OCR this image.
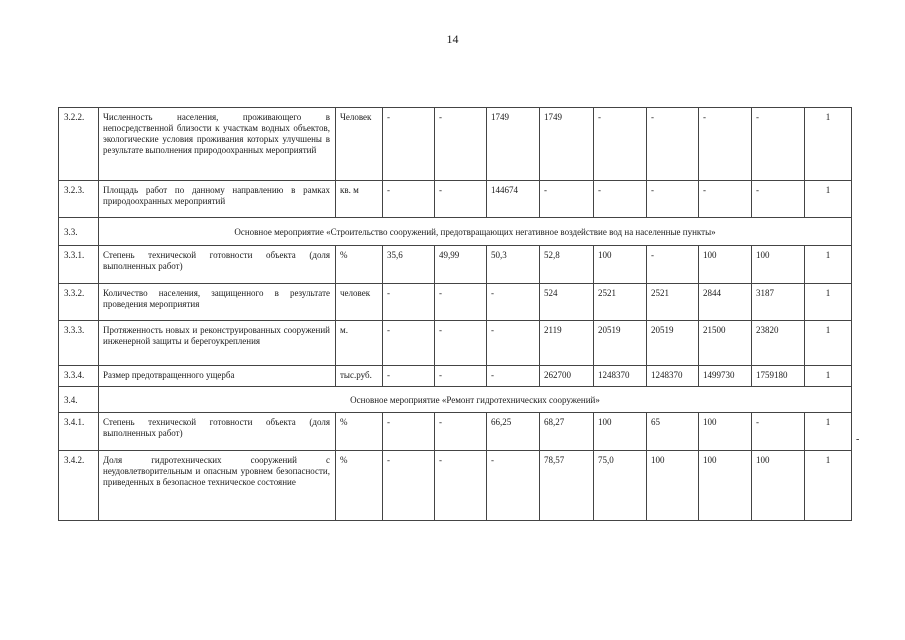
14
3.2.2.	Численность населения, проживающего в непосредственной близости к участкам водных объектов, экологические условия проживания которых улучшены в результате выполнения природоохранных мероприятий	Человек	-	-	1749	1749	-	-	-	-	1
3.2.3.	Площадь работ по данному направлению в рамках природоохранных мероприятий	кв. м	-	-	144674	-	-	-	-	-	1
3.3.	Основное мероприятие «Строительство сооружений, предотвращающих негативное воздействие вод на населенные пункты»										
3.3.1.	Степень технической готовности объекта (доля выполненных работ)	%	35,6	49,99	50,3	52,8	100	-	100	100	1
3.3.2.	Количество населения, защищенного в результате проведения мероприятия	человек	-	-	-	524	2521	2521	2844	3187	1
3.3.3.	Протяженность новых и реконструированных сооружений инженерной защиты и берегоукрепления	м.	-	-	-	2119	20519	20519	21500	23820	1
3.3.4.	Размер предотвращенного ущерба	тыс.руб.	-	-	-	262700	1248370	1248370	1499730	1759180	1
3.4.	Основное мероприятие «Ремонт гидротехнических сооружений»										
3.4.1.	Степень технической готовности объекта (доля выполненных работ)	%	-	-	66,25	68,27	100	65	100	-	1
3.4.2.	Доля гидротехнических сооружений с неудовлетворительным и опасным уровнем безопасности, приведенных в безопасное техническое состояние	%	-	-	-	78,57	75,0	100	100	100	1
-
